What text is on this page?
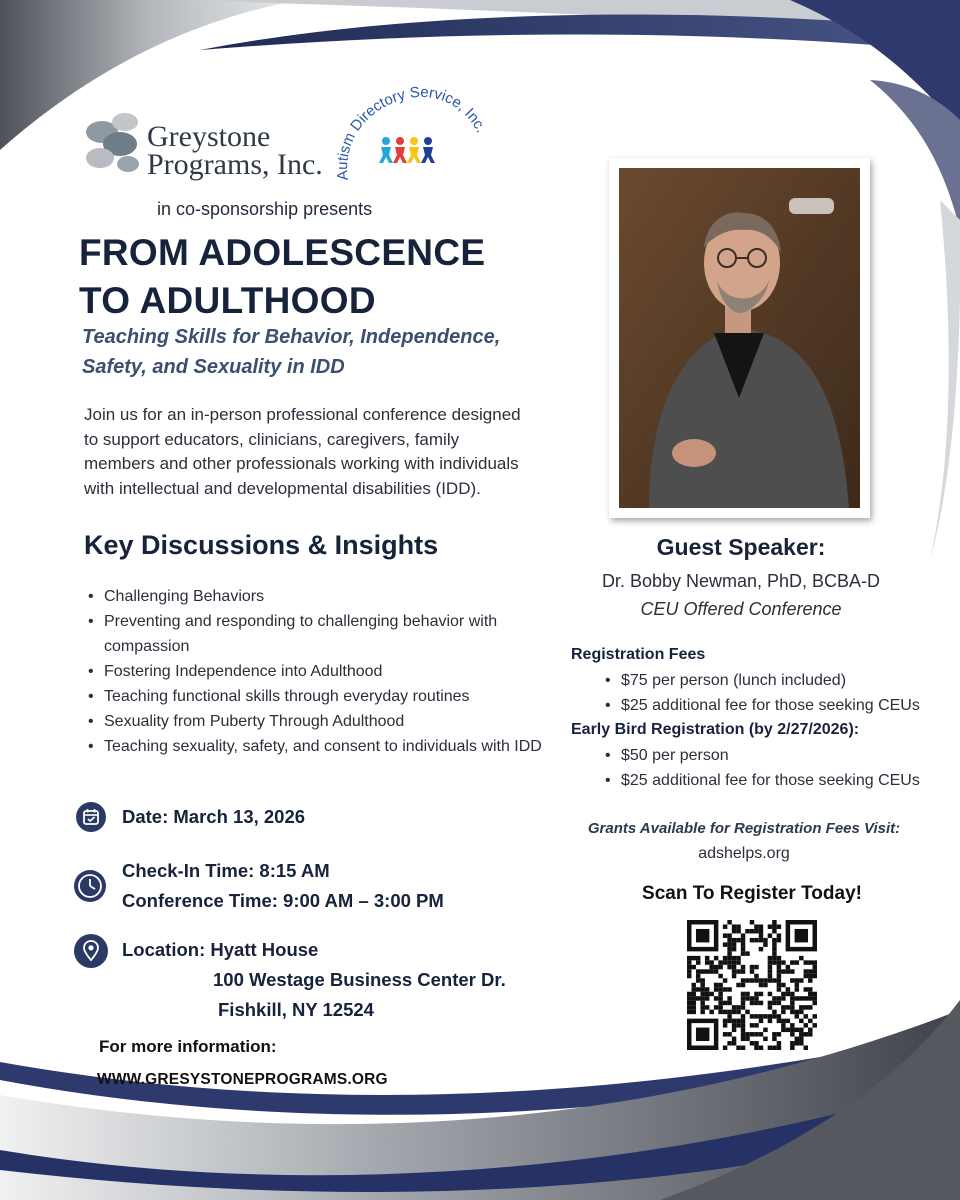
Greystone
Programs, Inc. Autism Directory Service, Inc.
in co-sponsorship presents
FROM ADOLESCENCE
TO ADULTHOOD
Teaching Skills for Behavior, Independence,
Safety, and Sexuality in IDD
Join us for an in-person professional conference designed
to support educators, clinicians, caregivers, family
members and other professionals working with individuals
with intellectual and developmental disabilities (IDD).
Key Discussions & Insights
• Challenging Behaviors
• Preventing and responding to challenging behavior with compassion
• Fostering Independence into Adulthood
• Teaching functional skills through everyday routines
• Sexuality from Puberty Through Adulthood
• Teaching sexuality, safety, and consent to individuals with IDD
Date: March 13, 2026
Check-In Time: 8:15 AM
Conference Time: 9:00 AM – 3:00 PM
Location: Hyatt House
100 Westage Business Center Dr.
Fishkill, NY 12524
For more information:
WWW.GRESYSTONEPROGRAMS.ORG
Guest Speaker:
Dr. Bobby Newman, PhD, BCBA-D
CEU Offered Conference
Registration Fees
• $75 per person (lunch included)
• $25 additional fee for those seeking CEUs
Early Bird Registration (by 2/27/2026):
• $50 per person
• $25 additional fee for those seeking CEUs
Grants Available for Registration Fees Visit:
adshelps.org
Scan To Register Today!
